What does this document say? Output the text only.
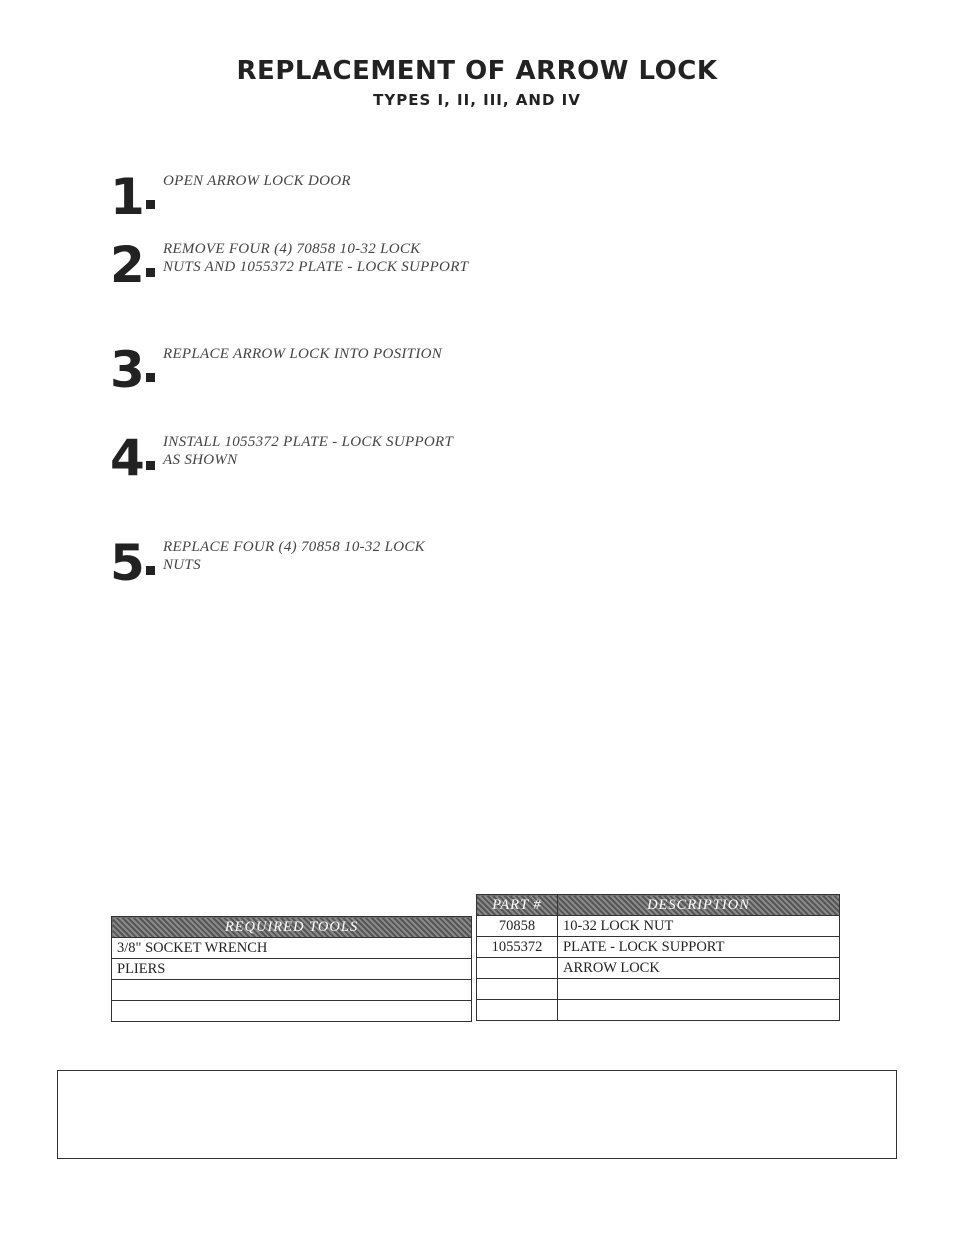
REPLACEMENT OF ARROW LOCK
TYPES I, II, III, AND IV
1 OPEN ARROW LOCK DOOR
2 REMOVE FOUR (4) 70858 10-32 LOCK
NUTS AND 1055372 PLATE - LOCK SUPPORT
3 REPLACE ARROW LOCK INTO POSITION
4 INSTALL 1055372 PLATE - LOCK SUPPORT
AS SHOWN
5 REPLACE FOUR (4) 70858 10-32 LOCK
NUTS
REQUIRED TOOLS
3/8" SOCKET WRENCH
PLIERS

PART #	DESCRIPTION
70858	10-32 LOCK NUT
1055372	PLATE - LOCK SUPPORT
	ARROW LOCK
